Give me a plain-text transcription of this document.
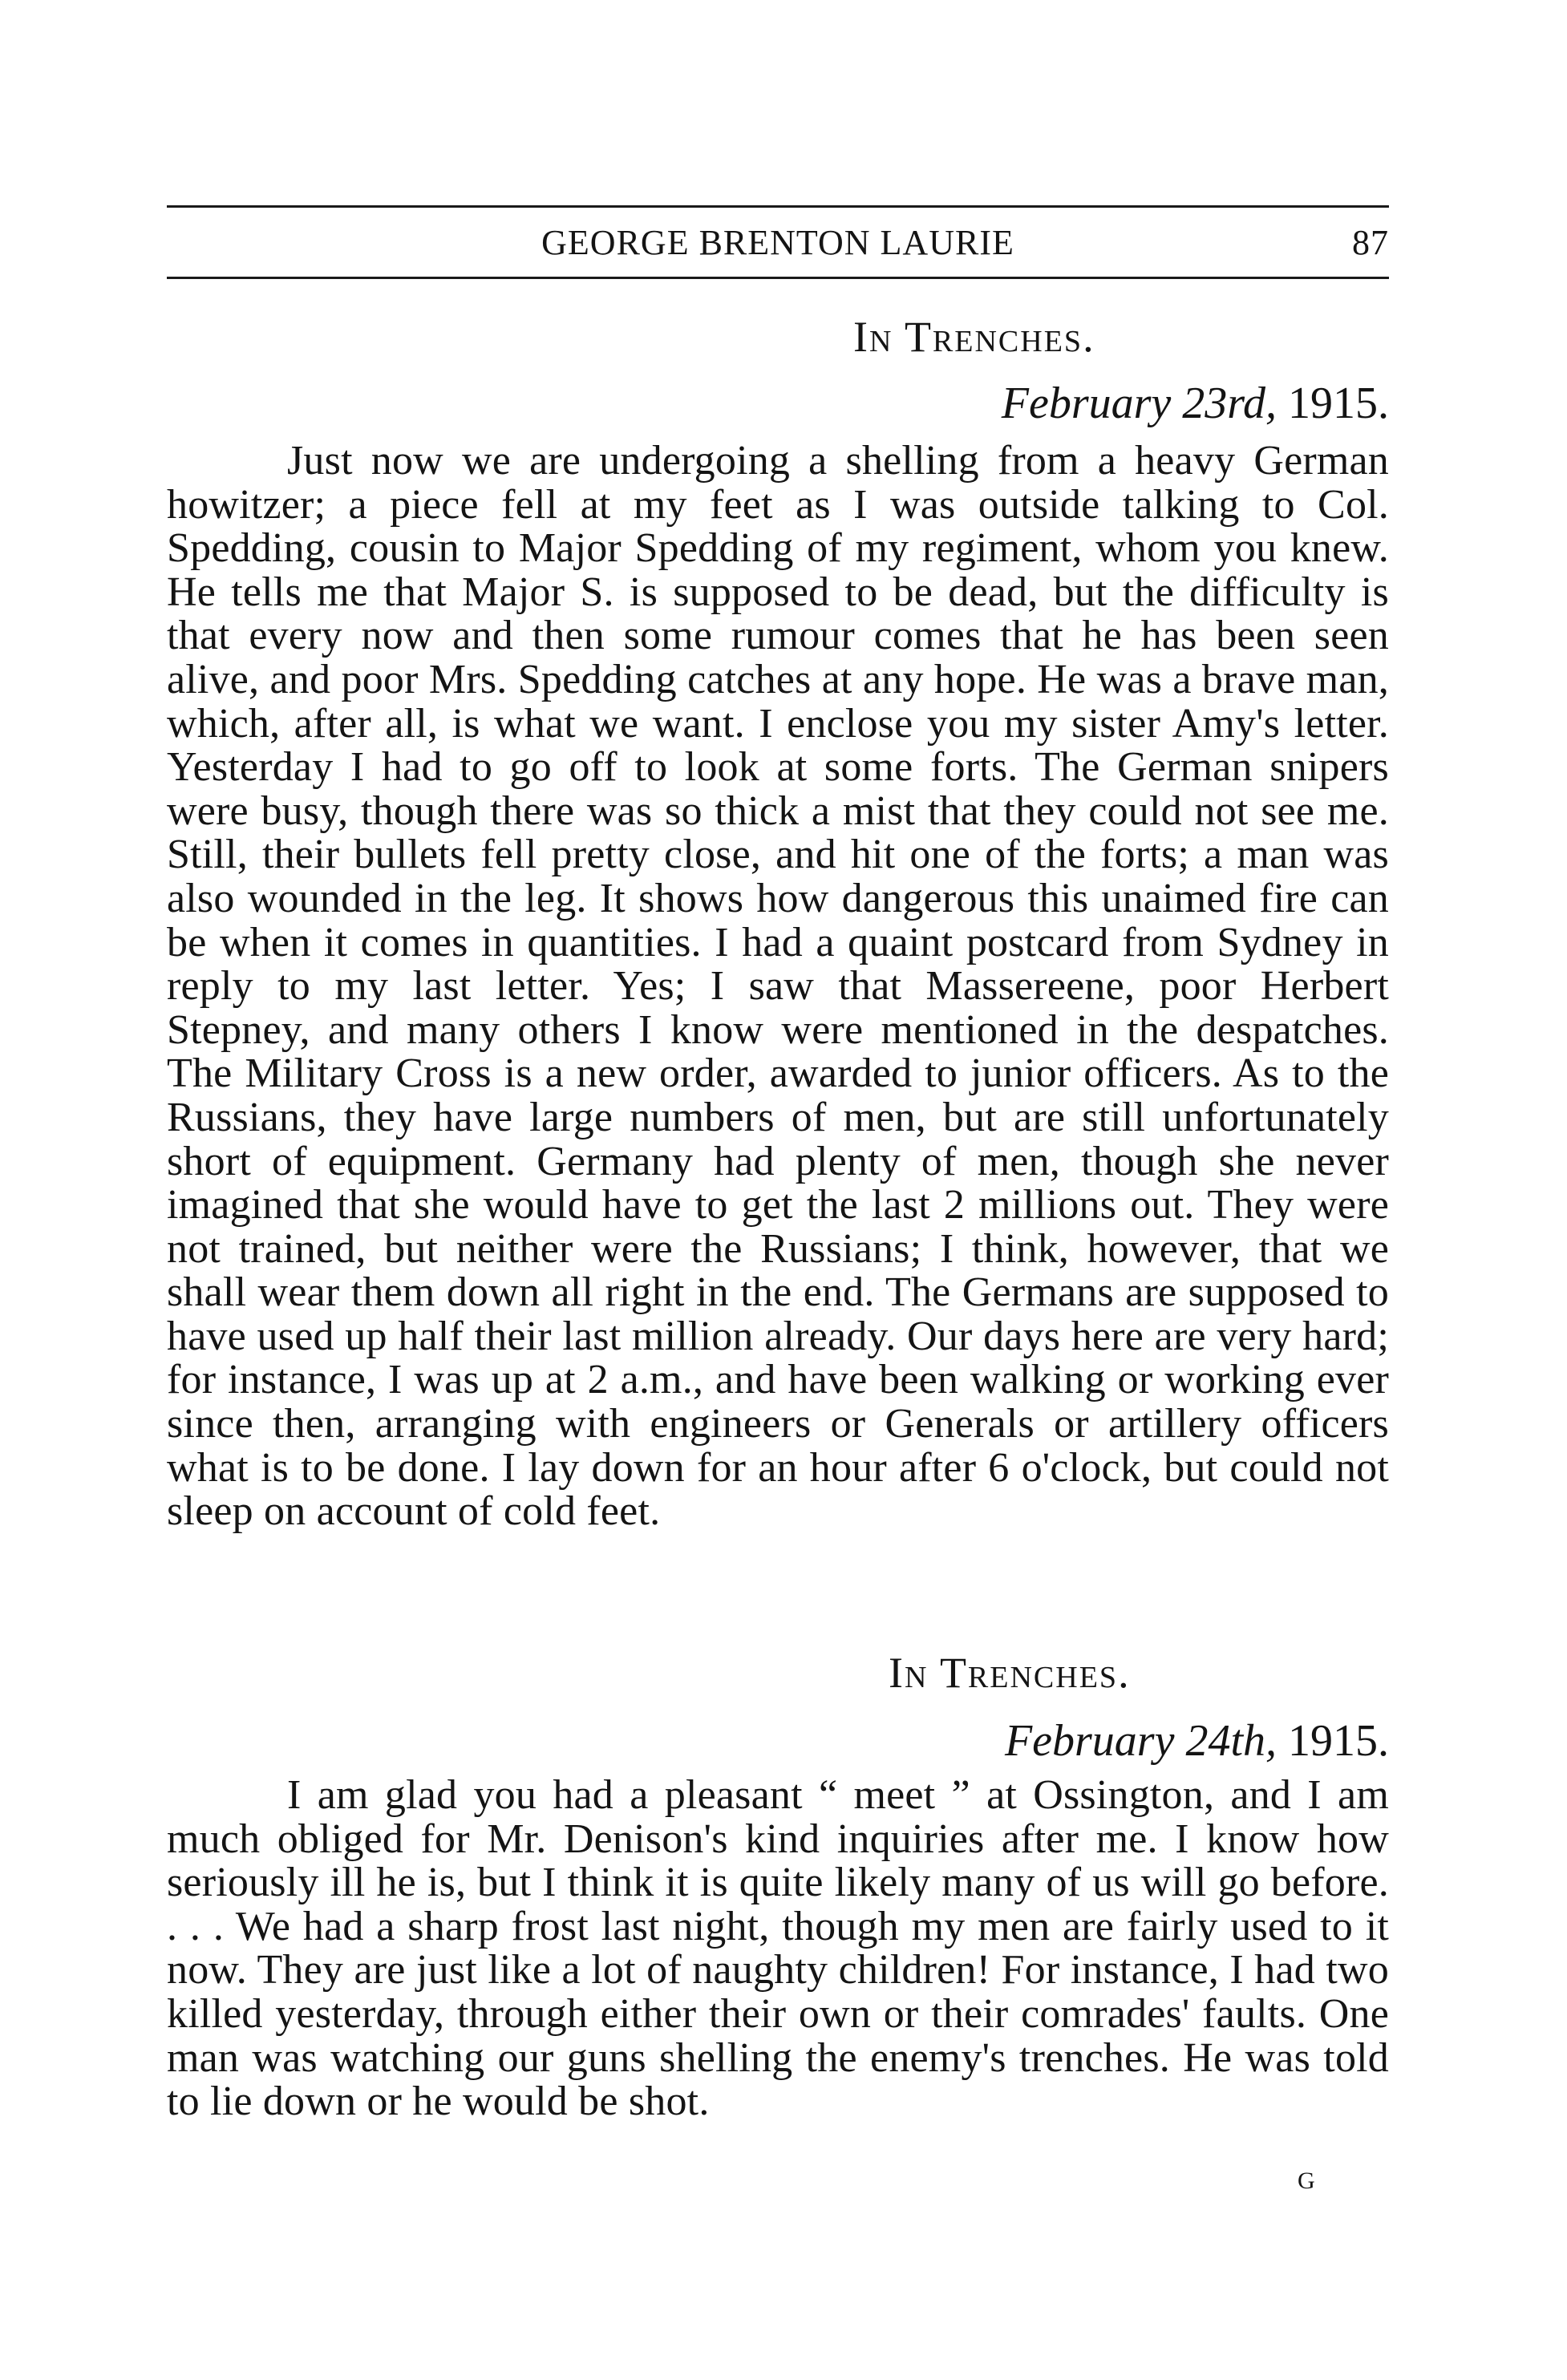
GEORGE BRENTON LAURIE	87
In Trenches.
February 23rd, 1915.

Just now we are undergoing a shelling from a heavy German howitzer; a piece fell at my feet as I was outside talking to Col. Spedding, cousin to Major Spedding of my regiment, whom you knew. He tells me that Major S. is supposed to be dead, but the difficulty is that every now and then some rumour comes that he has been seen alive, and poor Mrs. Spedding catches at any hope. He was a brave man, which, after all, is what we want. I enclose you my sister Amy's letter. Yesterday I had to go off to look at some forts. The German snipers were busy, though there was so thick a mist that they could not see me. Still, their bullets fell pretty close, and hit one of the forts; a man was also wounded in the leg. It shows how dangerous this unaimed fire can be when it comes in quantities. I had a quaint postcard from Sydney in reply to my last letter. Yes; I saw that Massereene, poor Herbert Stepney, and many others I know were mentioned in the despatches. The Military Cross is a new order, awarded to junior officers. As to the Russians, they have large numbers of men, but are still unfortunately short of equipment. Germany had plenty of men, though she never imagined that she would have to get the last 2 millions out. They were not trained, but neither were the Russians; I think, however, that we shall wear them down all right in the end. The Germans are supposed to have used up half their last million already. Our days here are very hard; for instance, I was up at 2 a.m., and have been walking or working ever since then, arranging with engineers or Generals or artillery officers what is to be done. I lay down for an hour after 6 o'clock, but could not sleep on account of cold feet.

In Trenches.
February 24th, 1915.

I am glad you had a pleasant “ meet ” at Ossington, and I am much obliged for Mr. Denison's kind inquiries after me. I know how seriously ill he is, but I think it is quite likely many of us will go before. . . . We had a sharp frost last night, though my men are fairly used to it now. They are just like a lot of naughty children! For instance, I had two killed yesterday, through either their own or their comrades' faults. One man was watching our guns shelling the enemy's trenches. He was told to lie down or he would be shot.

G
